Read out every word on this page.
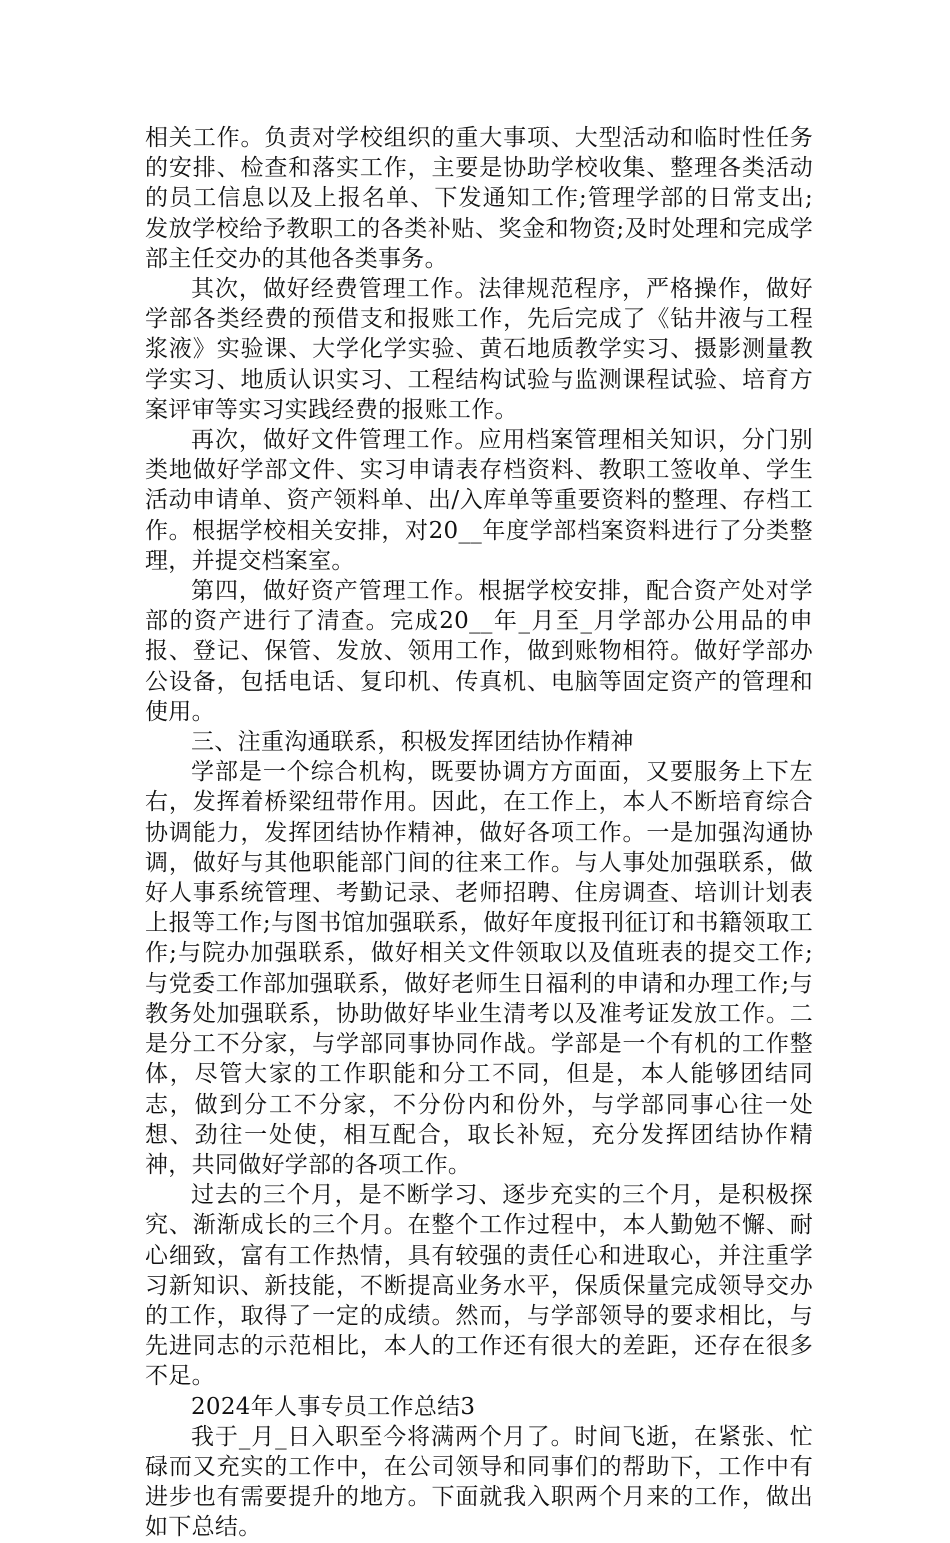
相关工作。负责对学校组织的重大事项、大型活动和临时性任务的安排、检查和落实工作，主要是协助学校收集、整理各类活动的员工信息以及上报名单、下发通知工作;管理学部的日常支出;发放学校给予教职工的各类补贴、奖金和物资;及时处理和完成学部主任交办的其他各类事务。

其次，做好经费管理工作。法律规范程序，严格操作，做好学部各类经费的预借支和报账工作，先后完成了《钻井液与工程浆液》实验课、大学化学实验、黄石地质教学实习、摄影测量教学实习、地质认识实习、工程结构试验与监测课程试验、培育方案评审等实习实践经费的报账工作。

再次，做好文件管理工作。应用档案管理相关知识，分门别类地做好学部文件、实习申请表存档资料、教职工签收单、学生活动申请单、资产领料单、出/入库单等重要资料的整理、存档工作。根据学校相关安排，对20__年度学部档案资料进行了分类整理，并提交档案室。

第四，做好资产管理工作。根据学校安排，配合资产处对学部的资产进行了清查。完成20__年_月至_月学部办公用品的申报、登记、保管、发放、领用工作，做到账物相符。做好学部办公设备，包括电话、复印机、传真机、电脑等固定资产的管理和使用。

三、注重沟通联系，积极发挥团结协作精神

学部是一个综合机构，既要协调方方面面，又要服务上下左右，发挥着桥梁纽带作用。因此，在工作上，本人不断培育综合协调能力，发挥团结协作精神，做好各项工作。一是加强沟通协调，做好与其他职能部门间的往来工作。与人事处加强联系，做好人事系统管理、考勤记录、老师招聘、住房调查、培训计划表上报等工作;与图书馆加强联系，做好年度报刊征订和书籍领取工作;与院办加强联系，做好相关文件领取以及值班表的提交工作;与党委工作部加强联系，做好老师生日福利的申请和办理工作;与教务处加强联系，协助做好毕业生清考以及准考证发放工作。二是分工不分家，与学部同事协同作战。学部是一个有机的工作整体，尽管大家的工作职能和分工不同，但是，本人能够团结同志，做到分工不分家，不分份内和份外，与学部同事心往一处想、劲往一处使，相互配合，取长补短，充分发挥团结协作精神，共同做好学部的各项工作。

过去的三个月，是不断学习、逐步充实的三个月，是积极探究、渐渐成长的三个月。在整个工作过程中，本人勤勉不懈、耐心细致，富有工作热情，具有较强的责任心和进取心，并注重学习新知识、新技能，不断提高业务水平，保质保量完成领导交办的工作，取得了一定的成绩。然而，与学部领导的要求相比，与先进同志的示范相比，本人的工作还有很大的差距，还存在很多不足。

2024年人事专员工作总结3

我于_月_日入职至今将满两个月了。时间飞逝，在紧张、忙碌而又充实的工作中，在公司领导和同事们的帮助下，工作中有进步也有需要提升的地方。下面就我入职两个月来的工作，做出如下总结。
